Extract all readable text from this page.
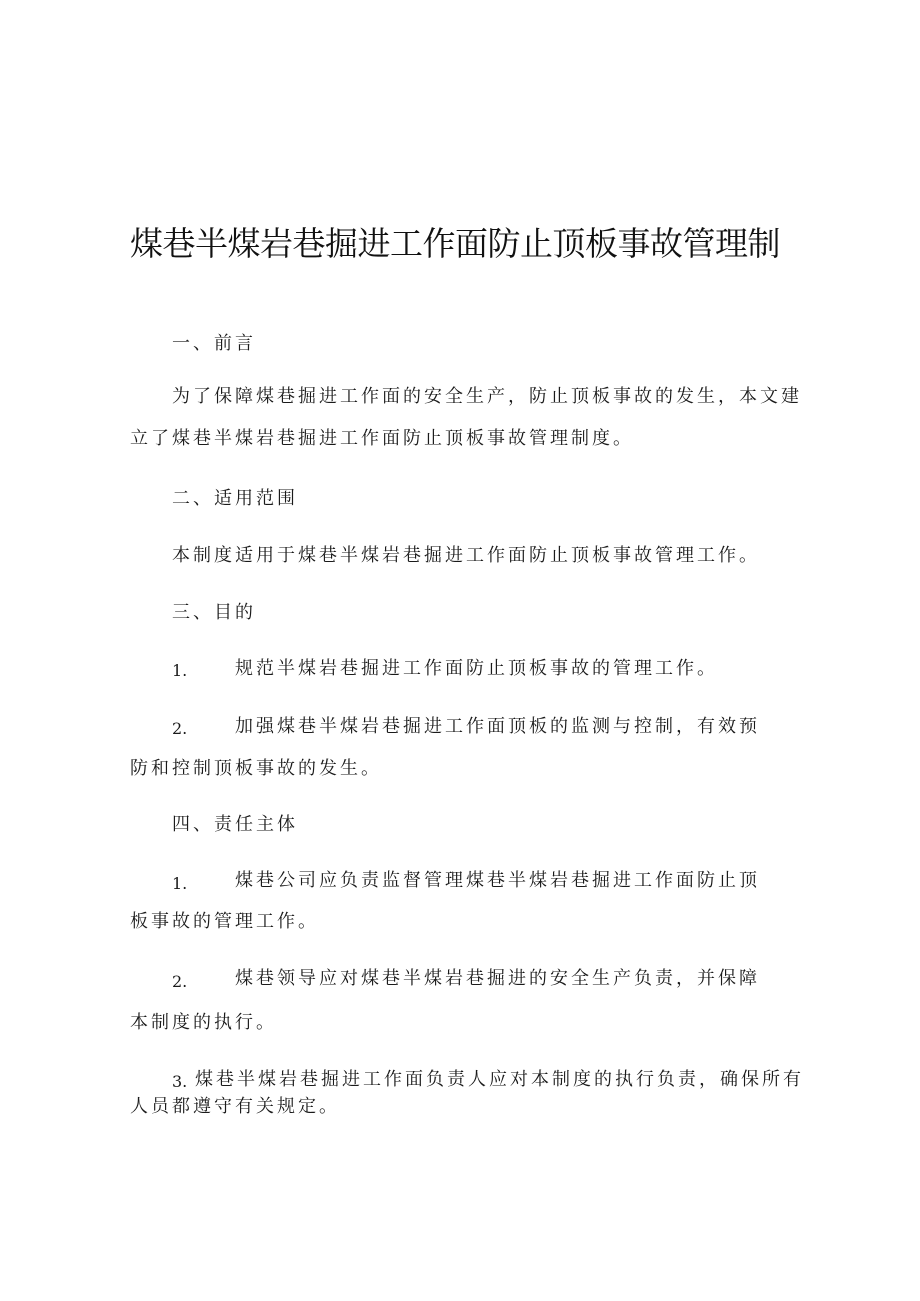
煤巷半煤岩巷掘进工作面防止顶板事故管理制
一、前言
为了保障煤巷掘进工作面的安全生产，防止顶板事故的发生，本文建
立了煤巷半煤岩巷掘进工作面防止顶板事故管理制度。
二、适用范围
本制度适用于煤巷半煤岩巷掘进工作面防止顶板事故管理工作。
三、目的
1.	规范半煤岩巷掘进工作面防止顶板事故的管理工作。
2.	加强煤巷半煤岩巷掘进工作面顶板的监测与控制，有效预
防和控制顶板事故的发生。
四、责任主体
1.	煤巷公司应负责监督管理煤巷半煤岩巷掘进工作面防止顶
板事故的管理工作。
2.	煤巷领导应对煤巷半煤岩巷掘进的安全生产负责，并保障
本制度的执行。
3. 煤巷半煤岩巷掘进工作面负责人应对本制度的执行负责，确保所有
人员都遵守有关规定。
